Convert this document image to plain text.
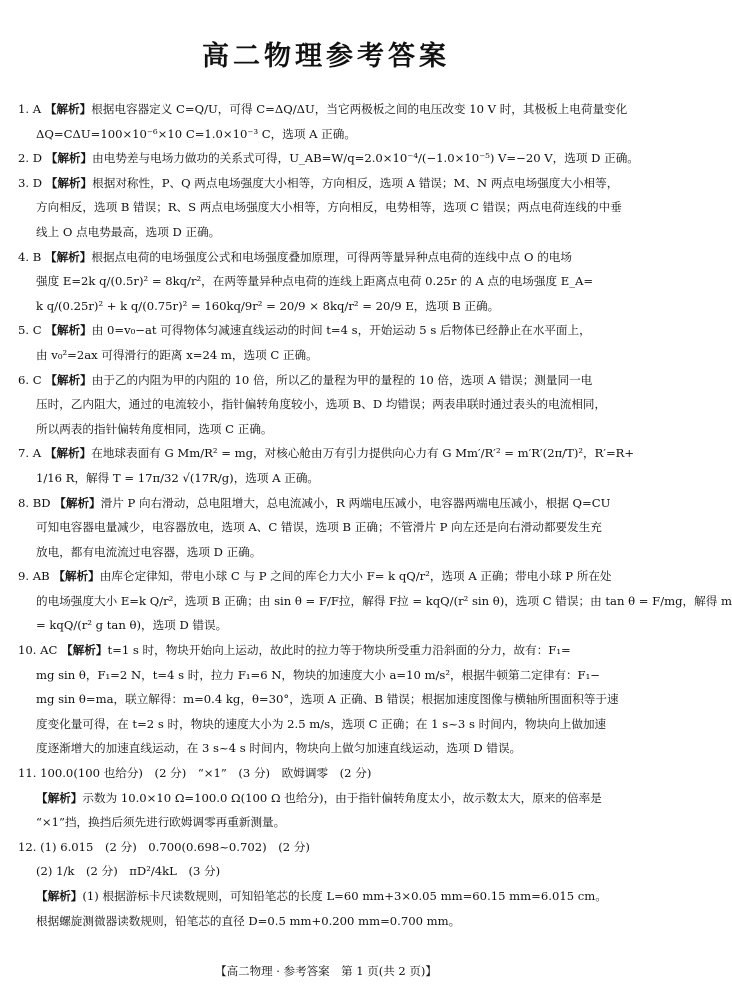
高二物理参考答案
1. A 【解析】根据电容器定义 C=Q/U，可得 C=ΔQ/ΔU，当它两极板之间的电压改变 10 V 时，其极板上电荷量变化
ΔQ=CΔU=100×10⁻⁶×10 C=1.0×10⁻³ C，选项 A 正确。
2. D 【解析】由电势差与电场力做功的关系式可得，U_AB=W/q=2.0×10⁻⁴/(−1.0×10⁻⁵) V=−20 V，选项 D 正确。
3. D 【解析】根据对称性，P、Q 两点电场强度大小相等，方向相反，选项 A 错误；M、N 两点电场强度大小相等，
方向相反，选项 B 错误；R、S 两点电场强度大小相等，方向相反，电势相等，选项 C 错误；两点电荷连线的中垂
线上 O 点电势最高，选项 D 正确。
4. B 【解析】根据点电荷的电场强度公式和电场强度叠加原理，可得两等量异种点电荷的连线中点 O 的电场
强度 E=2k q/(0.5r)² = 8kq/r²，在两等量异种点电荷的连线上距离点电荷 0.25r 的 A 点的电场强度 E_A=
k q/(0.25r)² + k q/(0.75r)² = 160kq/9r² = 20/9 × 8kq/r² = 20/9 E，选项 B 正确。
5. C 【解析】由 0=v₀−at 可得物体匀减速直线运动的时间 t=4 s，开始运动 5 s 后物体已经静止在水平面上，
由 v₀²=2ax 可得滑行的距离 x=24 m，选项 C 正确。
6. C 【解析】由于乙的内阻为甲的内阻的 10 倍，所以乙的量程为甲的量程的 10 倍，选项 A 错误；测量同一电
压时，乙内阻大，通过的电流较小，指针偏转角度较小，选项 B、D 均错误；两表串联时通过表头的电流相同，
所以两表的指针偏转角度相同，选项 C 正确。
7. A 【解析】在地球表面有 G Mm/R² = mg，对核心舱由万有引力提供向心力有 G Mm′/R′² = m′R′(2π/T)²，R′=R+
1/16 R，解得 T = 17π/32 √(17R/g)，选项 A 正确。
8. BD 【解析】滑片 P 向右滑动，总电阻增大，总电流减小，R 两端电压减小，电容器两端电压减小，根据 Q=CU
可知电容器电量减少，电容器放电，选项 A、C 错误，选项 B 正确；不管滑片 P 向左还是向右滑动都要发生充
放电，都有电流流过电容器，选项 D 正确。
9. AB 【解析】由库仑定律知，带电小球 C 与 P 之间的库仑力大小 F= k qQ/r²，选项 A 正确；带电小球 P 所在处
的电场强度大小 E=k Q/r²，选项 B 正确；由 sin θ = F/F拉，解得 F拉 = kqQ/(r² sin θ)，选项 C 错误；由 tan θ = F/mg，解得 m
= kqQ/(r² g tan θ)，选项 D 错误。
10. AC 【解析】t=1 s 时，物块开始向上运动，故此时的拉力等于物块所受重力沿斜面的分力，故有：F₁=
mg sin θ，F₁=2 N，t=4 s 时，拉力 F₁=6 N，物块的加速度大小 a=10 m/s²，根据牛顿第二定律有：F₁−
mg sin θ=ma，联立解得：m=0.4 kg，θ=30°，选项 A 正确、B 错误；根据加速度图像与横轴所围面积等于速
度变化量可得，在 t=2 s 时，物块的速度大小为 2.5 m/s，选项 C 正确；在 1 s~3 s 时间内，物块向上做加速
度逐渐增大的加速直线运动，在 3 s~4 s 时间内，物块向上做匀加速直线运动，选项 D 错误。
11. 100.0(100 也给分)　(2 分)　“×1”　(3 分)　欧姆调零　(2 分)
【解析】示数为 10.0×10 Ω=100.0 Ω(100 Ω 也给分)，由于指针偏转角度太小，故示数太大，原来的倍率是
“×1”挡，换挡后须先进行欧姆调零再重新测量。
12. (1) 6.015　(2 分)　0.700(0.698~0.702)　(2 分)
(2) 1/k　(2 分)　πD²/4kL　(3 分)
【解析】(1) 根据游标卡尺读数规则，可知铅笔芯的长度 L=60 mm+3×0.05 mm=60.15 mm=6.015 cm。
根据螺旋测微器读数规则，铅笔芯的直径 D=0.5 mm+0.200 mm=0.700 mm。
【高二物理 · 参考答案　第 1 页(共 2 页)】
